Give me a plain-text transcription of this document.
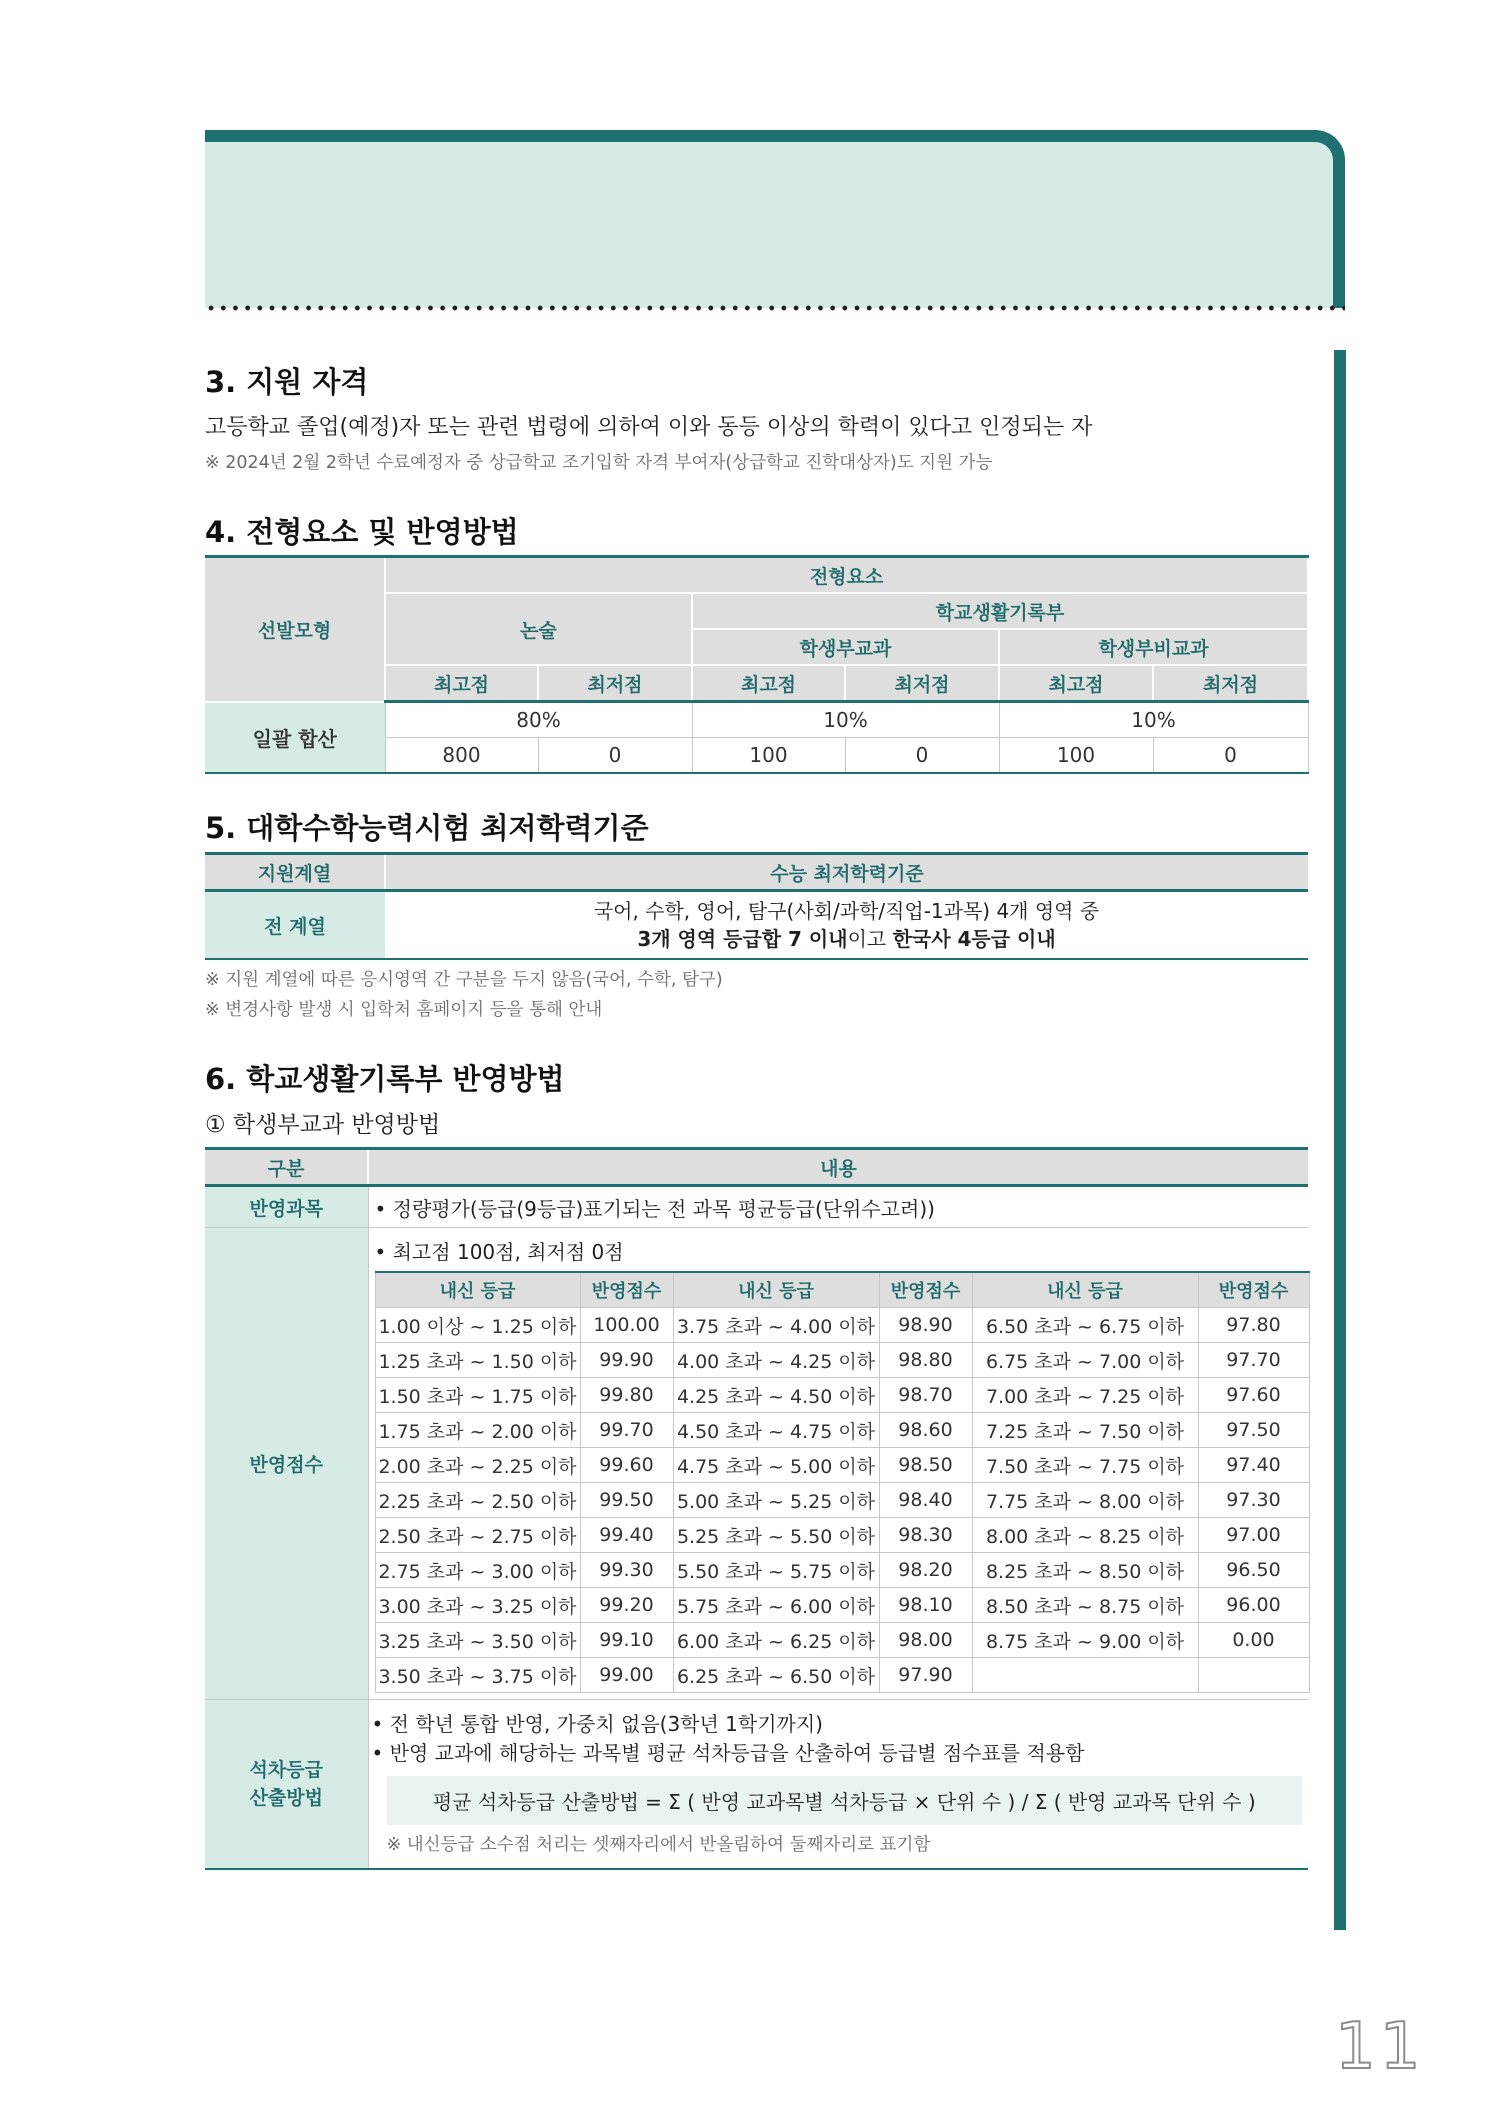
3. 지원 자격
고등학교 졸업(예정)자 또는 관련 법령에 의하여 이와 동등 이상의 학력이 있다고 인정되는 자
※ 2024년 2월 2학년 수료예정자 중 상급학교 조기입학 자격 부여자(상급학교 진학대상자)도 지원 가능
4. 전형요소 및 반영방법
선발모형	전형요소					
	논술		학교생활기록부			
			학생부교과		학생부비교과	
	최고점	최저점	최고점	최저점	최고점	최저점
일괄 합산	80%		10%		10%	
	800	0	100	0	100	0
5. 대학수학능력시험 최저학력기준
지원계열	수능 최저학력기준
전 계열	국어, 수학, 영어, 탐구(사회/과학/직업-1과목) 4개 영역 중
3개 영역 등급합 7 이내이고 한국사 4등급 이내
※ 지원 계열에 따른 응시영역 간 구분을 두지 않음(국어, 수학, 탐구)
※ 변경사항 발생 시 입학처 홈페이지 등을 통해 안내
6. 학교생활기록부 반영방법
① 학생부교과 반영방법
구분	내용
반영과목	• 정량평가(등급(9등급)표기되는 전 과목 평균등급(단위수고려))
반영점수	
• 최고점 100점, 최저점 0점
내신 등급	반영점수	내신 등급	반영점수	내신 등급	반영점수
1.00 이상 ~ 1.25 이하	100.00	3.75 초과 ~ 4.00 이하	98.90	6.50 초과 ~ 6.75 이하	97.80
1.25 초과 ~ 1.50 이하	99.90	4.00 초과 ~ 4.25 이하	98.80	6.75 초과 ~ 7.00 이하	97.70
1.50 초과 ~ 1.75 이하	99.80	4.25 초과 ~ 4.50 이하	98.70	7.00 초과 ~ 7.25 이하	97.60
1.75 초과 ~ 2.00 이하	99.70	4.50 초과 ~ 4.75 이하	98.60	7.25 초과 ~ 7.50 이하	97.50
2.00 초과 ~ 2.25 이하	99.60	4.75 초과 ~ 5.00 이하	98.50	7.50 초과 ~ 7.75 이하	97.40
2.25 초과 ~ 2.50 이하	99.50	5.00 초과 ~ 5.25 이하	98.40	7.75 초과 ~ 8.00 이하	97.30
2.50 초과 ~ 2.75 이하	99.40	5.25 초과 ~ 5.50 이하	98.30	8.00 초과 ~ 8.25 이하	97.00
2.75 초과 ~ 3.00 이하	99.30	5.50 초과 ~ 5.75 이하	98.20	8.25 초과 ~ 8.50 이하	96.50
3.00 초과 ~ 3.25 이하	99.20	5.75 초과 ~ 6.00 이하	98.10	8.50 초과 ~ 8.75 이하	96.00
3.25 초과 ~ 3.50 이하	99.10	6.00 초과 ~ 6.25 이하	98.00	8.75 초과 ~ 9.00 이하	0.00
3.50 초과 ~ 3.75 이하	99.00	6.25 초과 ~ 6.50 이하	97.90		

석차등급
산출방법

• 전 학년 통합 반영, 가중치 없음(3학년 1학기까지)
• 반영 교과에 해당하는 과목별 평균 석차등급을 산출하여 등급별 점수표를 적용함
평균 석차등급 산출방법 = Σ ( 반영 교과목별 석차등급 × 단위 수 ) / Σ ( 반영 교과목 단위 수 )
※ 내신등급 소수점 처리는 셋째자리에서 반올림하여 둘째자리로 표기함
11
